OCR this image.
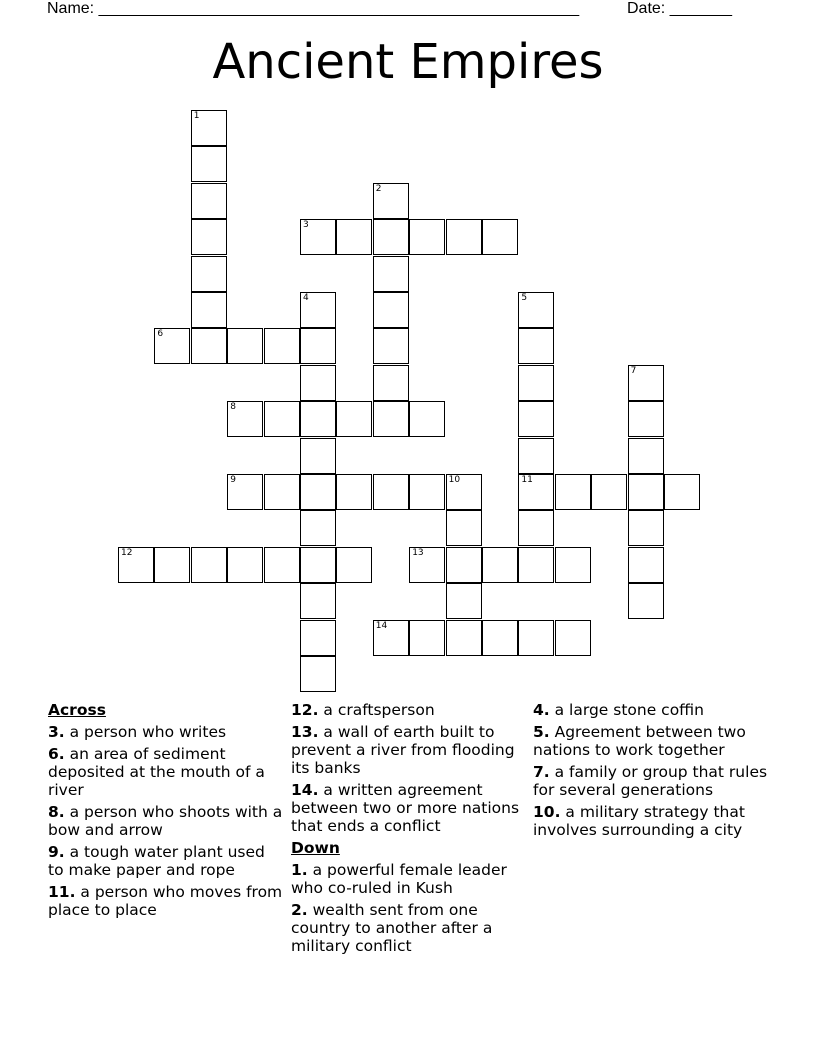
Name: ______________________________________________________	Date: _______
Ancient Empires
1
2
3
4	5
6
7
8
9	10	11
12	13
14
Across
3. a person who writes
6. an area of sediment deposited at the mouth of a river
8. a person who shoots with a bow and arrow
9. a tough water plant used to make paper and rope
11. a person who moves from place to place
12. a craftsperson
13. a wall of earth built to prevent a river from flooding its banks
14. a written agreement between two or more nations that ends a conflict
Down
1. a powerful female leader who co-ruled in Kush
2. wealth sent from one country to another after a military conflict
4. a large stone coffin
5. Agreement between two nations to work together
7. a family or group that rules for several generations
10. a military strategy that involves surrounding a city
